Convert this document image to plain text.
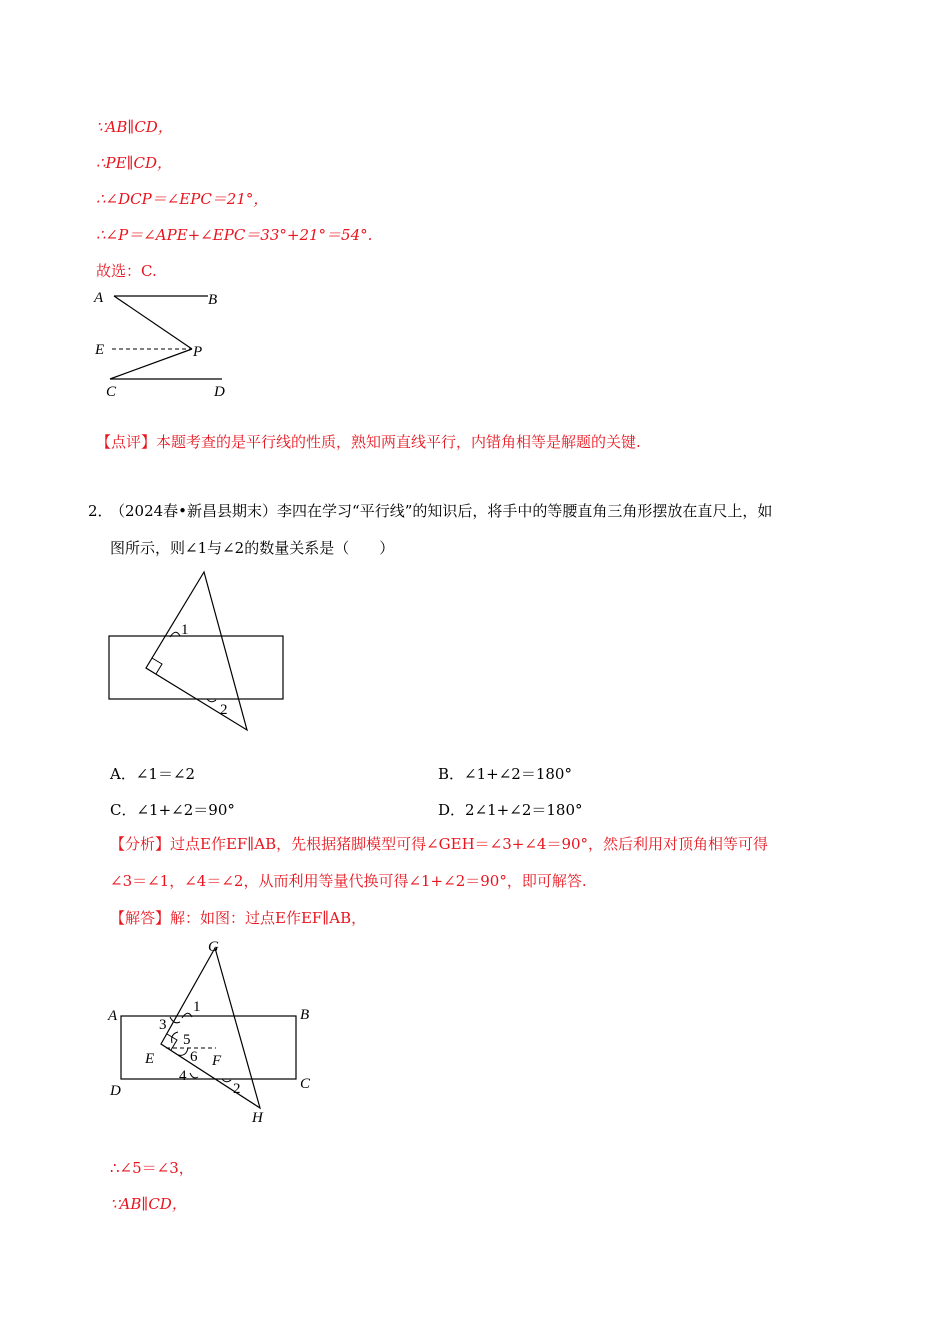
∵AB∥CD，
∴PE∥CD，
∴∠DCP＝∠EPC＝21°，
∴∠P＝∠APE+∠EPC＝33°+21°＝54°.
故选：C.
A	B
E	P
C	D
【点评】本题考查的是平行线的性质，熟知两直线平行，内错角相等是解题的关键.
2．
（2024春•新昌县期末）李四在学习“平行线”的知识后，将手中的等腰直角三角形摆放在直尺上，如
图所示，则∠1与∠2的数量关系是（　　）
1
2
A．∠1＝∠2	B．∠1+∠2＝180°
C．∠1+∠2＝90°	D．2∠1+∠2＝180°
【分析】过点E作EF∥AB，先根据猪脚模型可得∠GEH＝∠3+∠4＝90°，然后利用对顶角相等可得
∠3＝∠1，∠4＝∠2，从而利用等量代换可得∠1+∠2＝90°，即可解答.
【解答】解：如图：过点E作EF∥AB，
G
A	B
1
3
5
E 6 F
4
D	2	C
H
∴∠5＝∠3，
∵AB∥CD，
